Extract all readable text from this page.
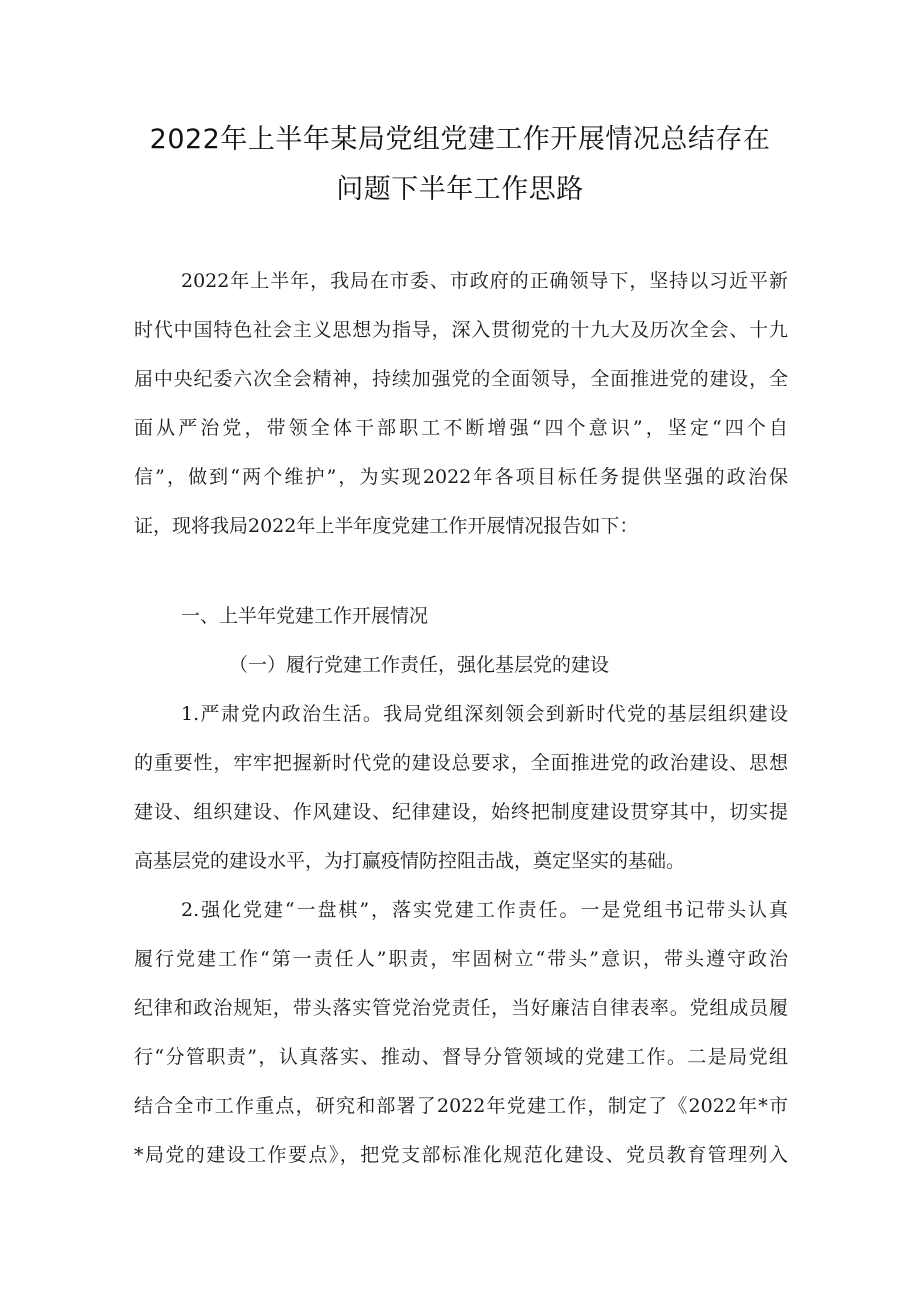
2022年上半年某局党组党建工作开展情况总结存在
问题下半年工作思路
2022年上半年，我局在市委、市政府的正确领导下，坚持以习近平新
时代中国特色社会主义思想为指导，深入贯彻党的十九大及历次全会、十九
届中央纪委六次全会精神，持续加强党的全面领导，全面推进党的建设，全
面从严治党，带领全体干部职工不断增强“四个意识”，坚定“四个自
信”，做到“两个维护”，为实现2022年各项目标任务提供坚强的政治保
证，现将我局2022年上半年度党建工作开展情况报告如下：
一、上半年党建工作开展情况
（一）履行党建工作责任，强化基层党的建设
1.严肃党内政治生活。我局党组深刻领会到新时代党的基层组织建设
的重要性，牢牢把握新时代党的建设总要求，全面推进党的政治建设、思想
建设、组织建设、作风建设、纪律建设，始终把制度建设贯穿其中，切实提
高基层党的建设水平，为打赢疫情防控阻击战，奠定坚实的基础。
2.强化党建“一盘棋”，落实党建工作责任。一是党组书记带头认真
履行党建工作“第一责任人”职责，牢固树立“带头”意识，带头遵守政治
纪律和政治规矩，带头落实管党治党责任，当好廉洁自律表率。党组成员履
行“分管职责”，认真落实、推动、督导分管领域的党建工作。二是局党组
结合全市工作重点，研究和部署了2022年党建工作，制定了《2022年*市
*局党的建设工作要点》，把党支部标准化规范化建设、党员教育管理列入
